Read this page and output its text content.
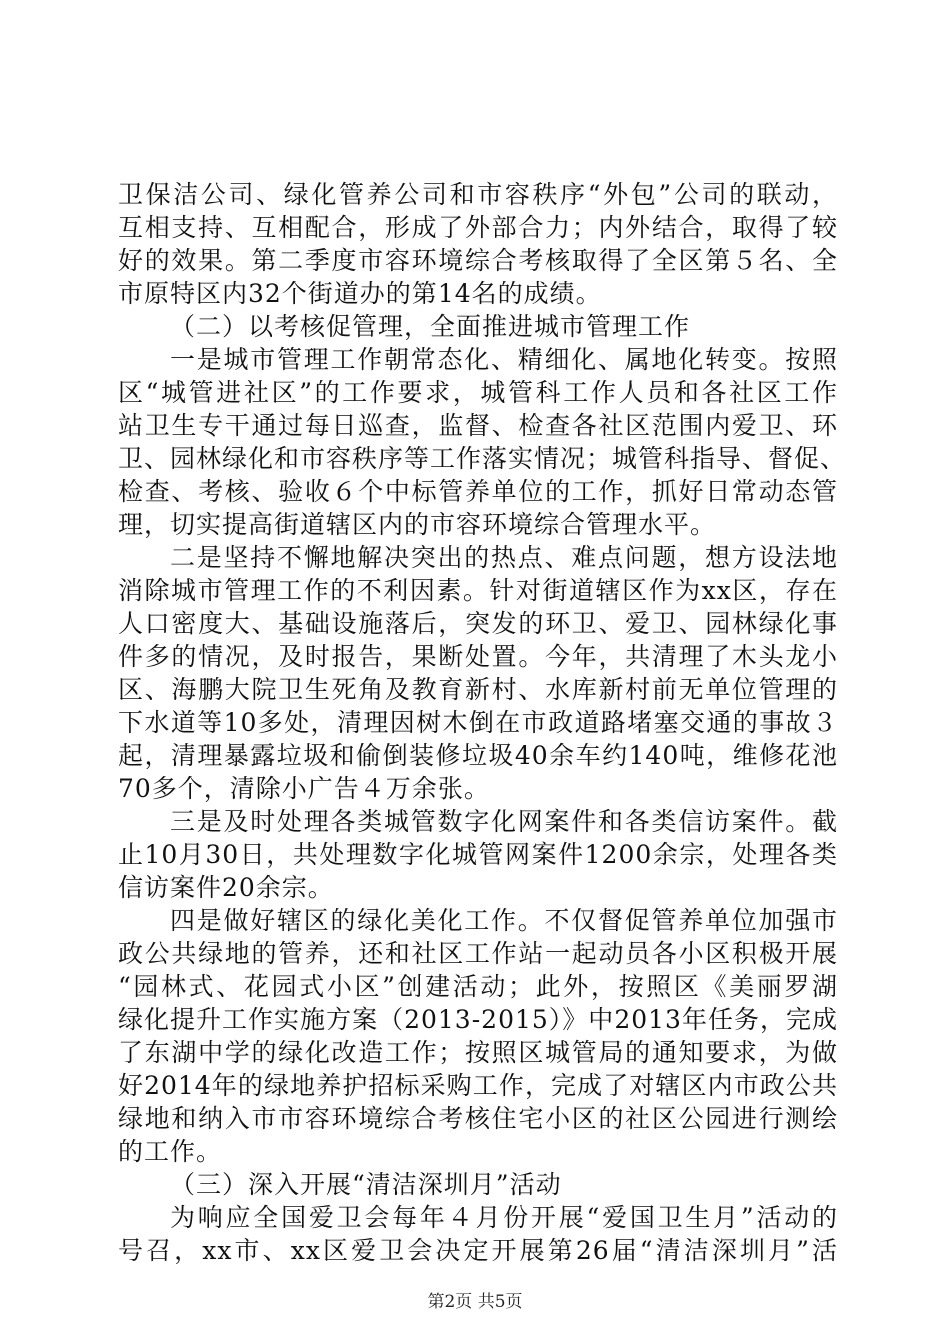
卫保洁公司、绿化管养公司和市容秩序“外包”公司的联动，
互相支持、互相配合，形成了外部合力；内外结合，取得了较
好的效果。第二季度市容环境综合考核取得了全区第５名、全
市原特区内32个街道办的第14名的成绩。
（二）以考核促管理，全面推进城市管理工作
一是城市管理工作朝常态化、精细化、属地化转变。按照
区“城管进社区”的工作要求，城管科工作人员和各社区工作
站卫生专干通过每日巡查，监督、检查各社区范围内爱卫、环
卫、园林绿化和市容秩序等工作落实情况；城管科指导、督促、
检查、考核、验收６个中标管养单位的工作，抓好日常动态管
理，切实提高街道辖区内的市容环境综合管理水平。
二是坚持不懈地解决突出的热点、难点问题，想方设法地
消除城市管理工作的不利因素。针对街道辖区作为xx区，存在
人口密度大、基础设施落后，突发的环卫、爱卫、园林绿化事
件多的情况，及时报告，果断处置。今年，共清理了木头龙小
区、海鹏大院卫生死角及教育新村、水库新村前无单位管理的
下水道等10多处，清理因树木倒在市政道路堵塞交通的事故３
起，清理暴露垃圾和偷倒装修垃圾40余车约140吨，维修花池
70多个，清除小广告４万余张。
三是及时处理各类城管数字化网案件和各类信访案件。截
止10月30日，共处理数字化城管网案件1200余宗，处理各类
信访案件20余宗。
四是做好辖区的绿化美化工作。不仅督促管养单位加强市
政公共绿地的管养，还和社区工作站一起动员各小区积极开展
“园林式、花园式小区”创建活动；此外，按照区《美丽罗湖
绿化提升工作实施方案（2013-2015）》中2013年任务，完成
了东湖中学的绿化改造工作；按照区城管局的通知要求，为做
好2014年的绿地养护招标采购工作，完成了对辖区内市政公共
绿地和纳入市市容环境综合考核住宅小区的社区公园进行测绘
的工作。
（三）深入开展“清洁深圳月”活动
为响应全国爱卫会每年４月份开展“爱国卫生月”活动的
号召，xx市、xx区爱卫会决定开展第26届“清洁深圳月”活
第2页 共5页
